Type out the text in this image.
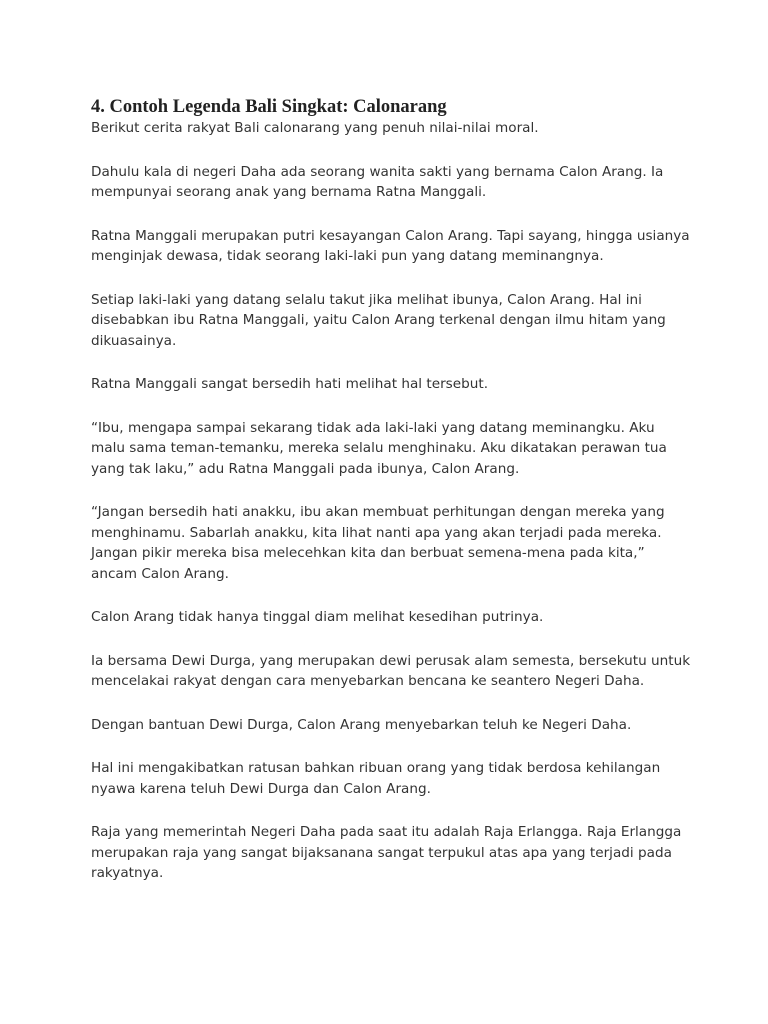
4. Contoh Legenda Bali Singkat: Calonarang

Berikut cerita rakyat Bali calonarang yang penuh nilai-nilai moral.

Dahulu kala di negeri Daha ada seorang wanita sakti yang bernama Calon Arang. Ia mempunyai seorang anak yang bernama Ratna Manggali.

Ratna Manggali merupakan putri kesayangan Calon Arang. Tapi sayang, hingga usianya menginjak dewasa, tidak seorang laki-laki pun yang datang meminangnya.

Setiap laki-laki yang datang selalu takut jika melihat ibunya, Calon Arang. Hal ini disebabkan ibu Ratna Manggali, yaitu Calon Arang terkenal dengan ilmu hitam yang dikuasainya.

Ratna Manggali sangat bersedih hati melihat hal tersebut.

“Ibu, mengapa sampai sekarang tidak ada laki-laki yang datang meminangku. Aku malu sama teman-temanku, mereka selalu menghinaku. Aku dikatakan perawan tua yang tak laku,” adu Ratna Manggali pada ibunya, Calon Arang.

“Jangan bersedih hati anakku, ibu akan membuat perhitungan dengan mereka yang menghinamu. Sabarlah anakku, kita lihat nanti apa yang akan terjadi pada mereka. Jangan pikir mereka bisa melecehkan kita dan berbuat semena-mena pada kita,” ancam Calon Arang.

Calon Arang tidak hanya tinggal diam melihat kesedihan putrinya.

Ia bersama Dewi Durga, yang merupakan dewi perusak alam semesta, bersekutu untuk mencelakai rakyat dengan cara menyebarkan bencana ke seantero Negeri Daha.

Dengan bantuan Dewi Durga, Calon Arang menyebarkan teluh ke Negeri Daha.

Hal ini mengakibatkan ratusan bahkan ribuan orang yang tidak berdosa kehilangan nyawa karena teluh Dewi Durga dan Calon Arang.

Raja yang memerintah Negeri Daha pada saat itu adalah Raja Erlangga. Raja Erlangga merupakan raja yang sangat bijaksanana sangat terpukul atas apa yang terjadi pada rakyatnya.
